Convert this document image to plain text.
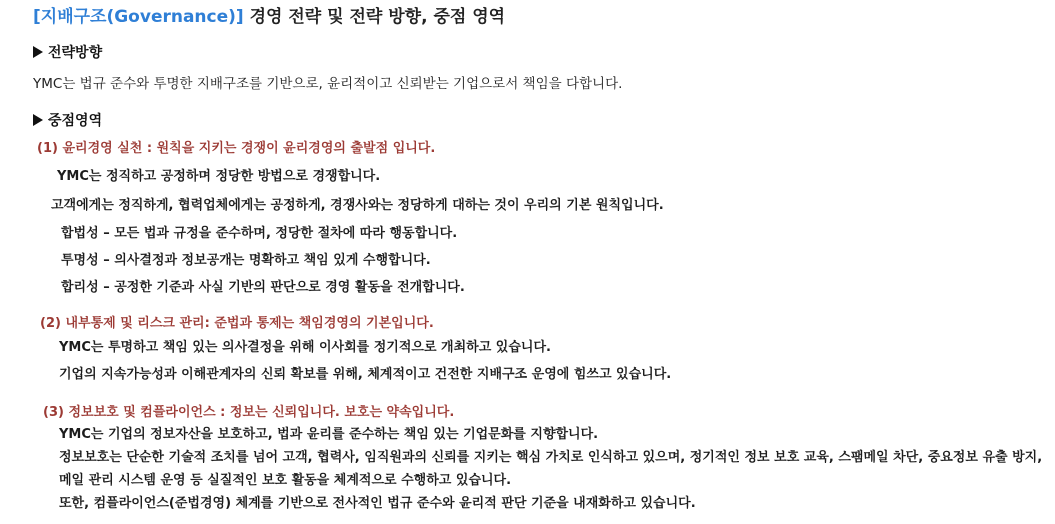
[지배구조(Governance)] 경영 전략 및 전략 방향, 중점 영역
전략방향
YMC는 법규 준수와 투명한 지배구조를 기반으로, 윤리적이고 신뢰받는 기업으로서 책임을 다합니다.
중점영역
(1) 윤리경영 실천 : 원칙을 지키는 경쟁이 윤리경영의 출발점 입니다.
YMC는 정직하고 공정하며 정당한 방법으로 경쟁합니다.
고객에게는 정직하게, 협력업체에게는 공정하게, 경쟁사와는 정당하게 대하는 것이 우리의 기본 원칙입니다.
합법성 – 모든 법과 규정을 준수하며, 정당한 절차에 따라 행동합니다.
투명성 – 의사결정과 정보공개는 명확하고 책임 있게 수행합니다.
합리성 – 공정한 기준과 사실 기반의 판단으로 경영 활동을 전개합니다.
(2) 내부통제 및 리스크 관리: 준법과 통제는 책임경영의 기본입니다.
YMC는 투명하고 책임 있는 의사결정을 위해 이사회를 정기적으로 개최하고 있습니다.
기업의 지속가능성과 이해관계자의 신뢰 확보를 위해, 체계적이고 건전한 지배구조 운영에 힘쓰고 있습니다.
(3) 정보보호 및 컴플라이언스 : 정보는 신뢰입니다. 보호는 약속입니다.
YMC는 기업의 정보자산을 보호하고, 법과 윤리를 준수하는 책임 있는 기업문화를 지향합니다.
정보보호는 단순한 기술적 조치를 넘어 고객, 협력사, 임직원과의 신뢰를 지키는 핵심 가치로 인식하고 있으며, 정기적인 정보 보호 교육, 스팸메일 차단, 중요정보 유출 방지,
메일 관리 시스템 운영 등 실질적인 보호 활동을 체계적으로 수행하고 있습니다.
또한, 컴플라이언스(준법경영) 체계를 기반으로 전사적인 법규 준수와 윤리적 판단 기준을 내재화하고 있습니다.
